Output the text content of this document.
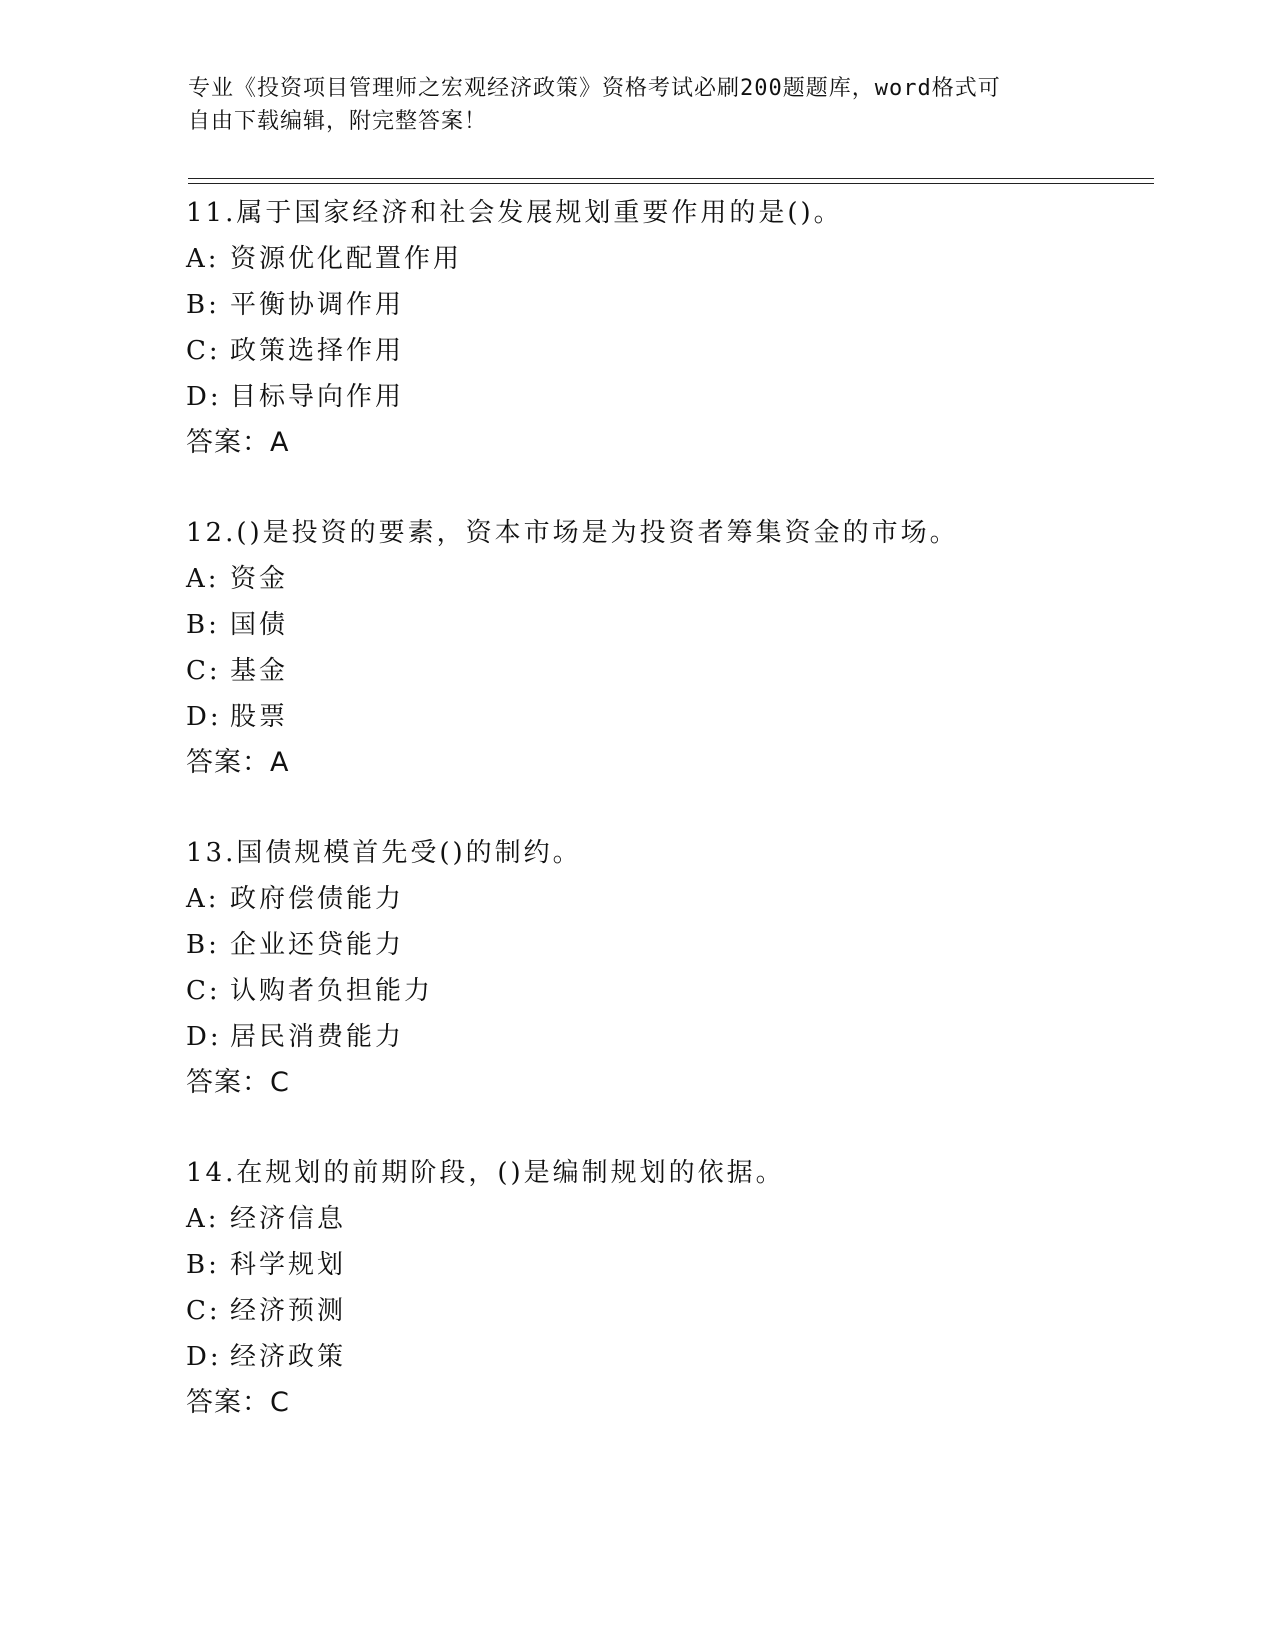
专业《投资项目管理师之宏观经济政策》资格考试必刷200题题库，word格式可
自由下载编辑，附完整答案！
11.属于国家经济和社会发展规划重要作用的是()。
A: 资源优化配置作用
B: 平衡协调作用
C: 政策选择作用
D: 目标导向作用
答案：A
12.()是投资的要素，资本市场是为投资者筹集资金的市场。
A: 资金
B: 国债
C: 基金
D: 股票
答案：A
13.国债规模首先受()的制约。
A: 政府偿债能力
B: 企业还贷能力
C: 认购者负担能力
D: 居民消费能力
答案：C
14.在规划的前期阶段，()是编制规划的依据。
A: 经济信息
B: 科学规划
C: 经济预测
D: 经济政策
答案：C
